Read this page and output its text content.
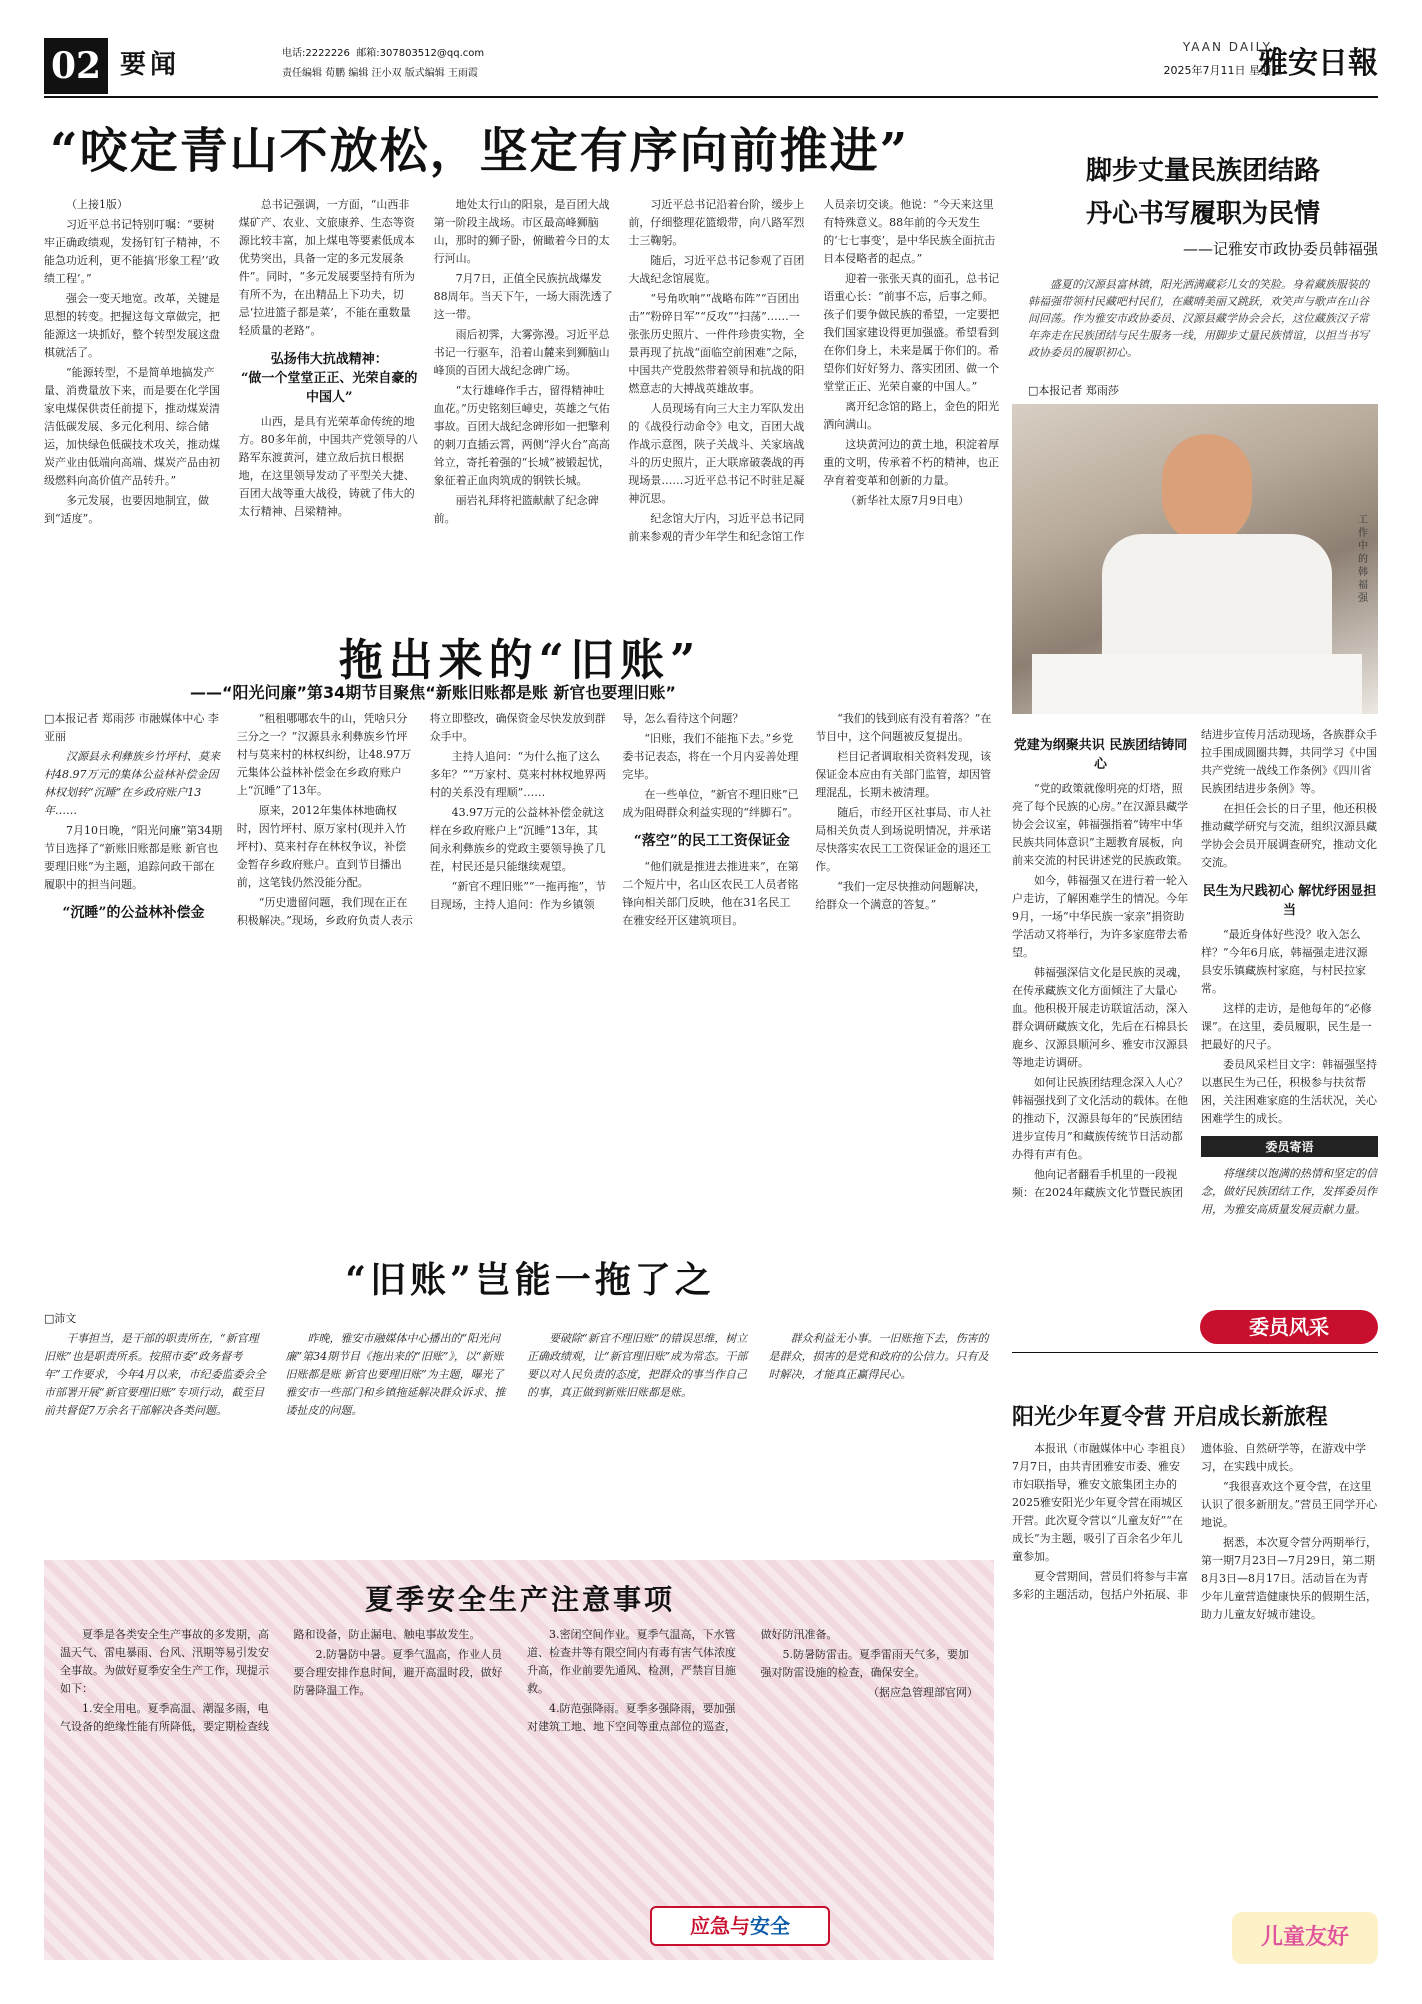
02 要闻	电话:2222226 邮箱:307803512@qq.com
责任编辑 荀鹏 编辑 汪小双 版式编辑 王雨霞
YAAN DAILY
2025年7月11日 星期五
雅安日報
“咬定青山不放松，坚定有序向前推进”

（上接1版）

习近平总书记特别叮嘱：“要树牢正确政绩观，发扬钉钉子精神，不能急功近利，更不能搞‘形象工程’‘政绩工程’。”

强会一变天地宽。改革，关键是思想的转变。把握这每文章做完，把能源这一块抓好，整个转型发展这盘棋就活了。

“能源转型，不是简单地搞发产量、消费量放下来，而是要在化学国家电煤保供责任前提下，推动煤炭清洁低碳发展、多元化利用、综合储运，加快绿色低碳技术攻关，推动煤炭产业由低端向高端、煤炭产品由初级燃料向高价值产品转升。”

多元发展，也要因地制宜，做到“适度”。

总书记强调，一方面，“山西非煤矿产、农业、文旅康养、生态等资源比较丰富，加上煤电等要素低成本优势突出，具备一定的多元发展条件”。同时，“多元发展要坚持有所为有所不为，在出精品上下功夫，切忌‘拉进篮子都是菜’，不能在重数量轻质量的老路”。

弘扬伟大抗战精神：
“做一个堂堂正正、光荣自豪的中国人”

山西，是具有光荣革命传统的地方。80多年前，中国共产党领导的八路军东渡黄河，建立敌后抗日根据地，在这里领导发动了平型关大捷、百团大战等重大战役，铸就了伟大的太行精神、吕梁精神。

地处太行山的阳泉，是百团大战第一阶段主战场。市区最高峰狮脑山，那时的狮子卧，俯瞰着今日的太行河山。

7月7日，正值全民族抗战爆发88周年。当天下午，一场大雨洗透了这一带。

雨后初霁，大雾弥漫。习近平总书记一行驱车，沿着山麓来到狮脑山峰顶的百团大战纪念碑广场。

“太行雄峰作手古，留得精神吐血花。”历史铭刻巨嶂史，英雄之气佑事故。百团大战纪念碑形如一把擎利的刺刀直插云霄，两侧“浮火台”高高耸立，寄托着强的“长城”被锻起忧，象征着正血肉筑成的钢铁长城。

丽岩礼拜将祀篮献献了纪念碑前。

习近平总书记沿着台阶，缓步上前，仔细整理花篮缎带，向八路军烈士三鞠躬。

随后，习近平总书记参观了百团大战纪念馆展览。

“号角吹响”“战略布阵”“百团出击”“粉碎日军”“反攻”“扫荡”……一张张历史照片、一件件珍贵实物，全景再现了抗战“面临空前困难”之际，中国共产党殷然带着领导和抗战的阳燃意志的大搏战英雄故事。

人员现场有向三大主力军队发出的《战役行动命令》电文，百团大战作战示意图，陕子关战斗、关家垴战斗的历史照片，正大联席破袭战的再现场景……习近平总书记不时驻足凝神沉思。

纪念馆大厅内，习近平总书记同前来参观的青少年学生和纪念馆工作人员亲切交谈。他说：“今天来这里有特殊意义。88年前的今天发生的‘七七事变’，是中华民族全面抗击日本侵略者的起点。”

迎着一张张天真的面孔，总书记语重心长：“前事不忘，后事之师。孩子们要争做民族的希望，一定要把我们国家建设得更加强盛。希望看到在你们身上，未来是属于你们的。希望你们好好努力、落实团团、做一个堂堂正正、光荣自豪的中国人。”

离开纪念馆的路上，金色的阳光洒向满山。

这块黄河边的黄土地，积淀着厚重的文明，传承着不朽的精神，也正孕育着变革和创新的力量。

（新华社太原7月9日电）

脚步丈量民族团结路
丹心书写履职为民情
——记雅安市政协委员韩福强
盛夏的汉源县富林镇，阳光洒满藏彩儿女的笑脸。身着藏族服装的韩福强带领村民藏吧村民们，在藏晴美丽又跳跃，欢笑声与歌声在山谷间回荡。作为雅安市政协委员、汉源县藏学协会会长，这位藏族汉子常年奔走在民族团结与民生服务一线，用脚步丈量民族情谊，以担当书写政协委员的履职初心。
□本报记者 郑雨莎
工作中的韩福强
党建为纲聚共识 民族团结铸同心

“党的政策就像明亮的灯塔，照亮了每个民族的心房。”在汉源县藏学协会会议室，韩福强指着“铸牢中华民族共同体意识”主题教育展板，向前来交流的村民讲述党的民族政策。

如今，韩福强又在进行着一轮入户走访，了解困难学生的情况。今年9月，一场“中华民族一家亲”捐资助学活动又将举行，为许多家庭带去希望。

韩福强深信文化是民族的灵魂，在传承藏族文化方面倾注了大量心血。他积极开展走访联谊活动，深入群众调研藏族文化，先后在石棉县长鹿乡、汉源县顺河乡、雅安市汉源县等地走访调研。

如何让民族团结理念深入人心？韩福强找到了文化活动的载体。在他的推动下，汉源县每年的“民族团结进步宣传月”和藏族传统节日活动都办得有声有色。

他向记者翻看手机里的一段视频：在2024年藏族文化节暨民族团结进步宣传月活动现场，各族群众手拉手围成圆圈共舞，共同学习《中国共产党统一战线工作条例》《四川省民族团结进步条例》等。

在担任会长的日子里，他还积极推动藏学研究与交流，组织汉源县藏学协会会员开展调查研究，推动文化交流。

民生为尺践初心 解忧纾困显担当

“最近身体好些没？收入怎么样？”今年6月底，韩福强走进汉源县安乐镇藏族村家庭，与村民拉家常。

这样的走访，是他每年的“必修课”。在这里，委员履职，民生是一把最好的尺子。

委员风采栏目文字：韩福强坚持以惠民生为己任，积极参与扶贫帮困，关注困难家庭的生活状况，关心困难学生的成长。

委员寄语

将继续以饱满的热情和坚定的信念，做好民族团结工作，发挥委员作用，为雅安高质量发展贡献力量。

委员风采
拖出来的“旧账”
——“阳光问廉”第34期节目聚焦“新账旧账都是账 新官也要理旧账”

□本报记者 郑雨莎 市融媒体中心 李亚丽

汉源县永利彝族乡竹坪村、莫来村48.97万元的集体公益林补偿金因林权划转“沉睡”在乡政府账户13年……

7月10日晚，“阳光问廉”第34期节目选择了“新账旧账都是账 新官也要理旧账”为主题，追踪问政干部在履职中的担当问题。

“沉睡”的公益林补偿金

“租租哪哪农牛的山，凭啥只分三分之一？”汉源县永利彝族乡竹坪村与莫来村的林权纠纷，让48.97万元集体公益林补偿金在乡政府账户上“沉睡”了13年。

原来，2012年集体林地确权时，因竹坪村、原万家村(现并入竹坪村)、莫来村存在林权争议，补偿金暂存乡政府账户。直到节目播出前，这笔钱仍然没能分配。

“历史遗留问题，我们现在正在积极解决。”现场，乡政府负责人表示将立即整改，确保资金尽快发放到群众手中。

主持人追问：“为什么拖了这么多年？”“万家村、莫来村林权地界两村的关系没有理顺”……

43.97万元的公益林补偿金就这样在乡政府账户上“沉睡”13年，其间永利彝族乡的党政主要领导换了几茬，村民还是只能继续观望。

“新官不理旧账”“一拖再拖”，节目现场，主持人追问：作为乡镇领导，怎么看待这个问题？

“旧账，我们不能拖下去。”乡党委书记表态，将在一个月内妥善处理完毕。

在一些单位，“新官不理旧账”已成为阻碍群众利益实现的“绊脚石”。

“落空”的民工工资保证金

“他们就是推进去推进来”，在第二个短片中，名山区农民工人员者铭锋向相关部门反映，他在31名民工在雅安经开区建筑项目。

“我们的钱到底有没有着落？”在节目中，这个问题被反复提出。

栏目记者调取相关资料发现，该保证金本应由有关部门监管，却因管理混乱，长期未被清理。

随后，市经开区社事局、市人社局相关负责人到场说明情况，并承诺尽快落实农民工工资保证金的退还工作。

“我们一定尽快推动问题解决，给群众一个满意的答复。”

“旧账”岂能一拖了之
□沛文

干事担当，是干部的职责所在，“新官理旧账”也是职责所系。按照市委“政务督考年”工作要求，今年4月以来，市纪委监委会全市部署开展“新官要理旧账”专项行动，截至目前共督促7万余名干部解决各类问题。

昨晚，雅安市融媒体中心播出的“阳光问廉”第34期节目《拖出来的“旧账”》，以“新账旧账都是账 新官也要理旧账”为主题，曝光了雅安市一些部门和乡镇拖延解决群众诉求、推诿扯皮的问题。

要破除“新官不理旧账”的错误思维，树立正确政绩观，让“新官理旧账”成为常态。干部要以对人民负责的态度，把群众的事当作自己的事，真正做到新账旧账都是账。

群众利益无小事。一旧账拖下去，伤害的是群众，损害的是党和政府的公信力。只有及时解决，才能真正赢得民心。

夏季安全生产注意事项

夏季是各类安全生产事故的多发期，高温天气、雷电暴雨、台风、汛期等易引发安全事故。为做好夏季安全生产工作，现提示如下：

1.安全用电。夏季高温、潮湿多雨，电气设备的绝缘性能有所降低，要定期检查线路和设备，防止漏电、触电事故发生。

2.防暑防中暑。夏季气温高，作业人员要合理安排作息时间，避开高温时段，做好防暑降温工作。

3.密闭空间作业。夏季气温高，下水管道、检查井等有限空间内有毒有害气体浓度升高，作业前要先通风、检测，严禁盲目施救。

4.防范强降雨。夏季多强降雨，要加强对建筑工地、地下空间等重点部位的巡查，做好防汛准备。

5.防暑防雷击。夏季雷雨天气多，要加强对防雷设施的检查，确保安全。

（据应急管理部官网）

应急与安全
阳光少年夏令营 开启成长新旅程

本报讯（市融媒体中心 李祖良）7月7日，由共青团雅安市委、雅安市妇联指导，雅安文旅集团主办的2025雅安阳光少年夏令营在雨城区开营。此次夏令营以“儿童友好”“在成长”为主题，吸引了百余名少年儿童参加。

夏令营期间，营员们将参与丰富多彩的主题活动，包括户外拓展、非遗体验、自然研学等，在游戏中学习，在实践中成长。

“我很喜欢这个夏令营，在这里认识了很多新朋友。”营员王同学开心地说。

据悉，本次夏令营分两期举行，第一期7月23日—7月29日，第二期8月3日—8月17日。活动旨在为青少年儿童营造健康快乐的假期生活，助力儿童友好城市建设。

儿童友好
